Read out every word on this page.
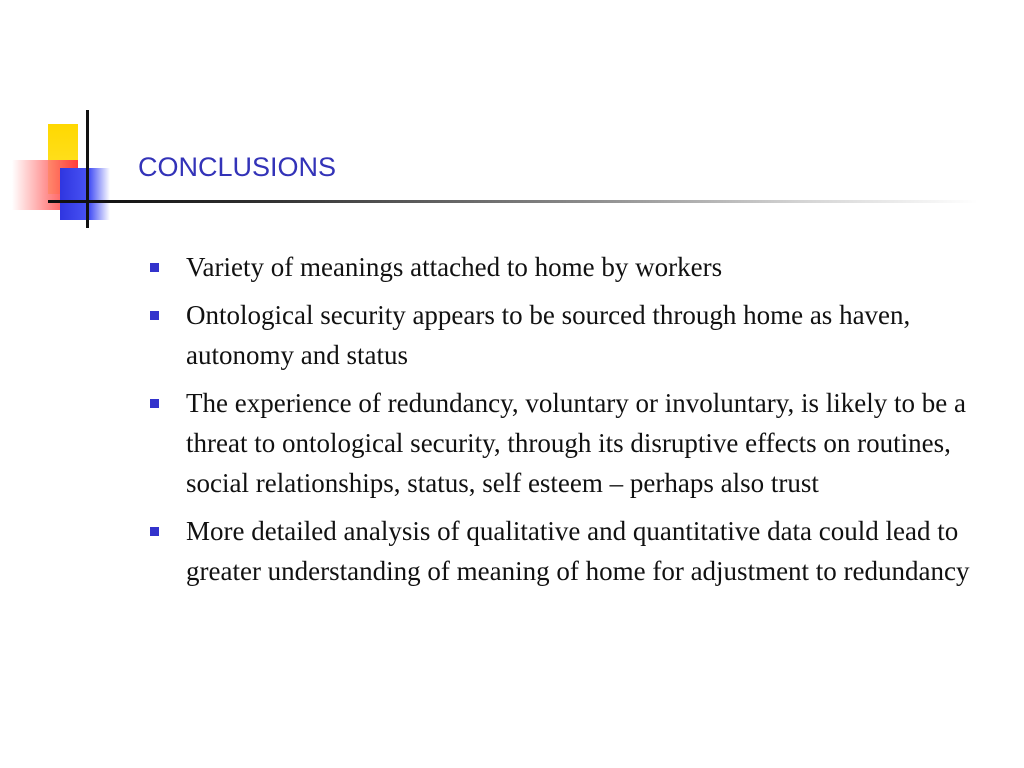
CONCLUSIONS
Variety of meanings attached to home by workers
Ontological security appears to be sourced through home as haven, autonomy and status
The experience of redundancy, voluntary or involuntary, is likely to be a threat to ontological security, through its disruptive effects on routines, social relationships, status, self esteem – perhaps also trust
More detailed analysis of qualitative and quantitative data could lead to greater understanding of meaning of home for adjustment to redundancy
